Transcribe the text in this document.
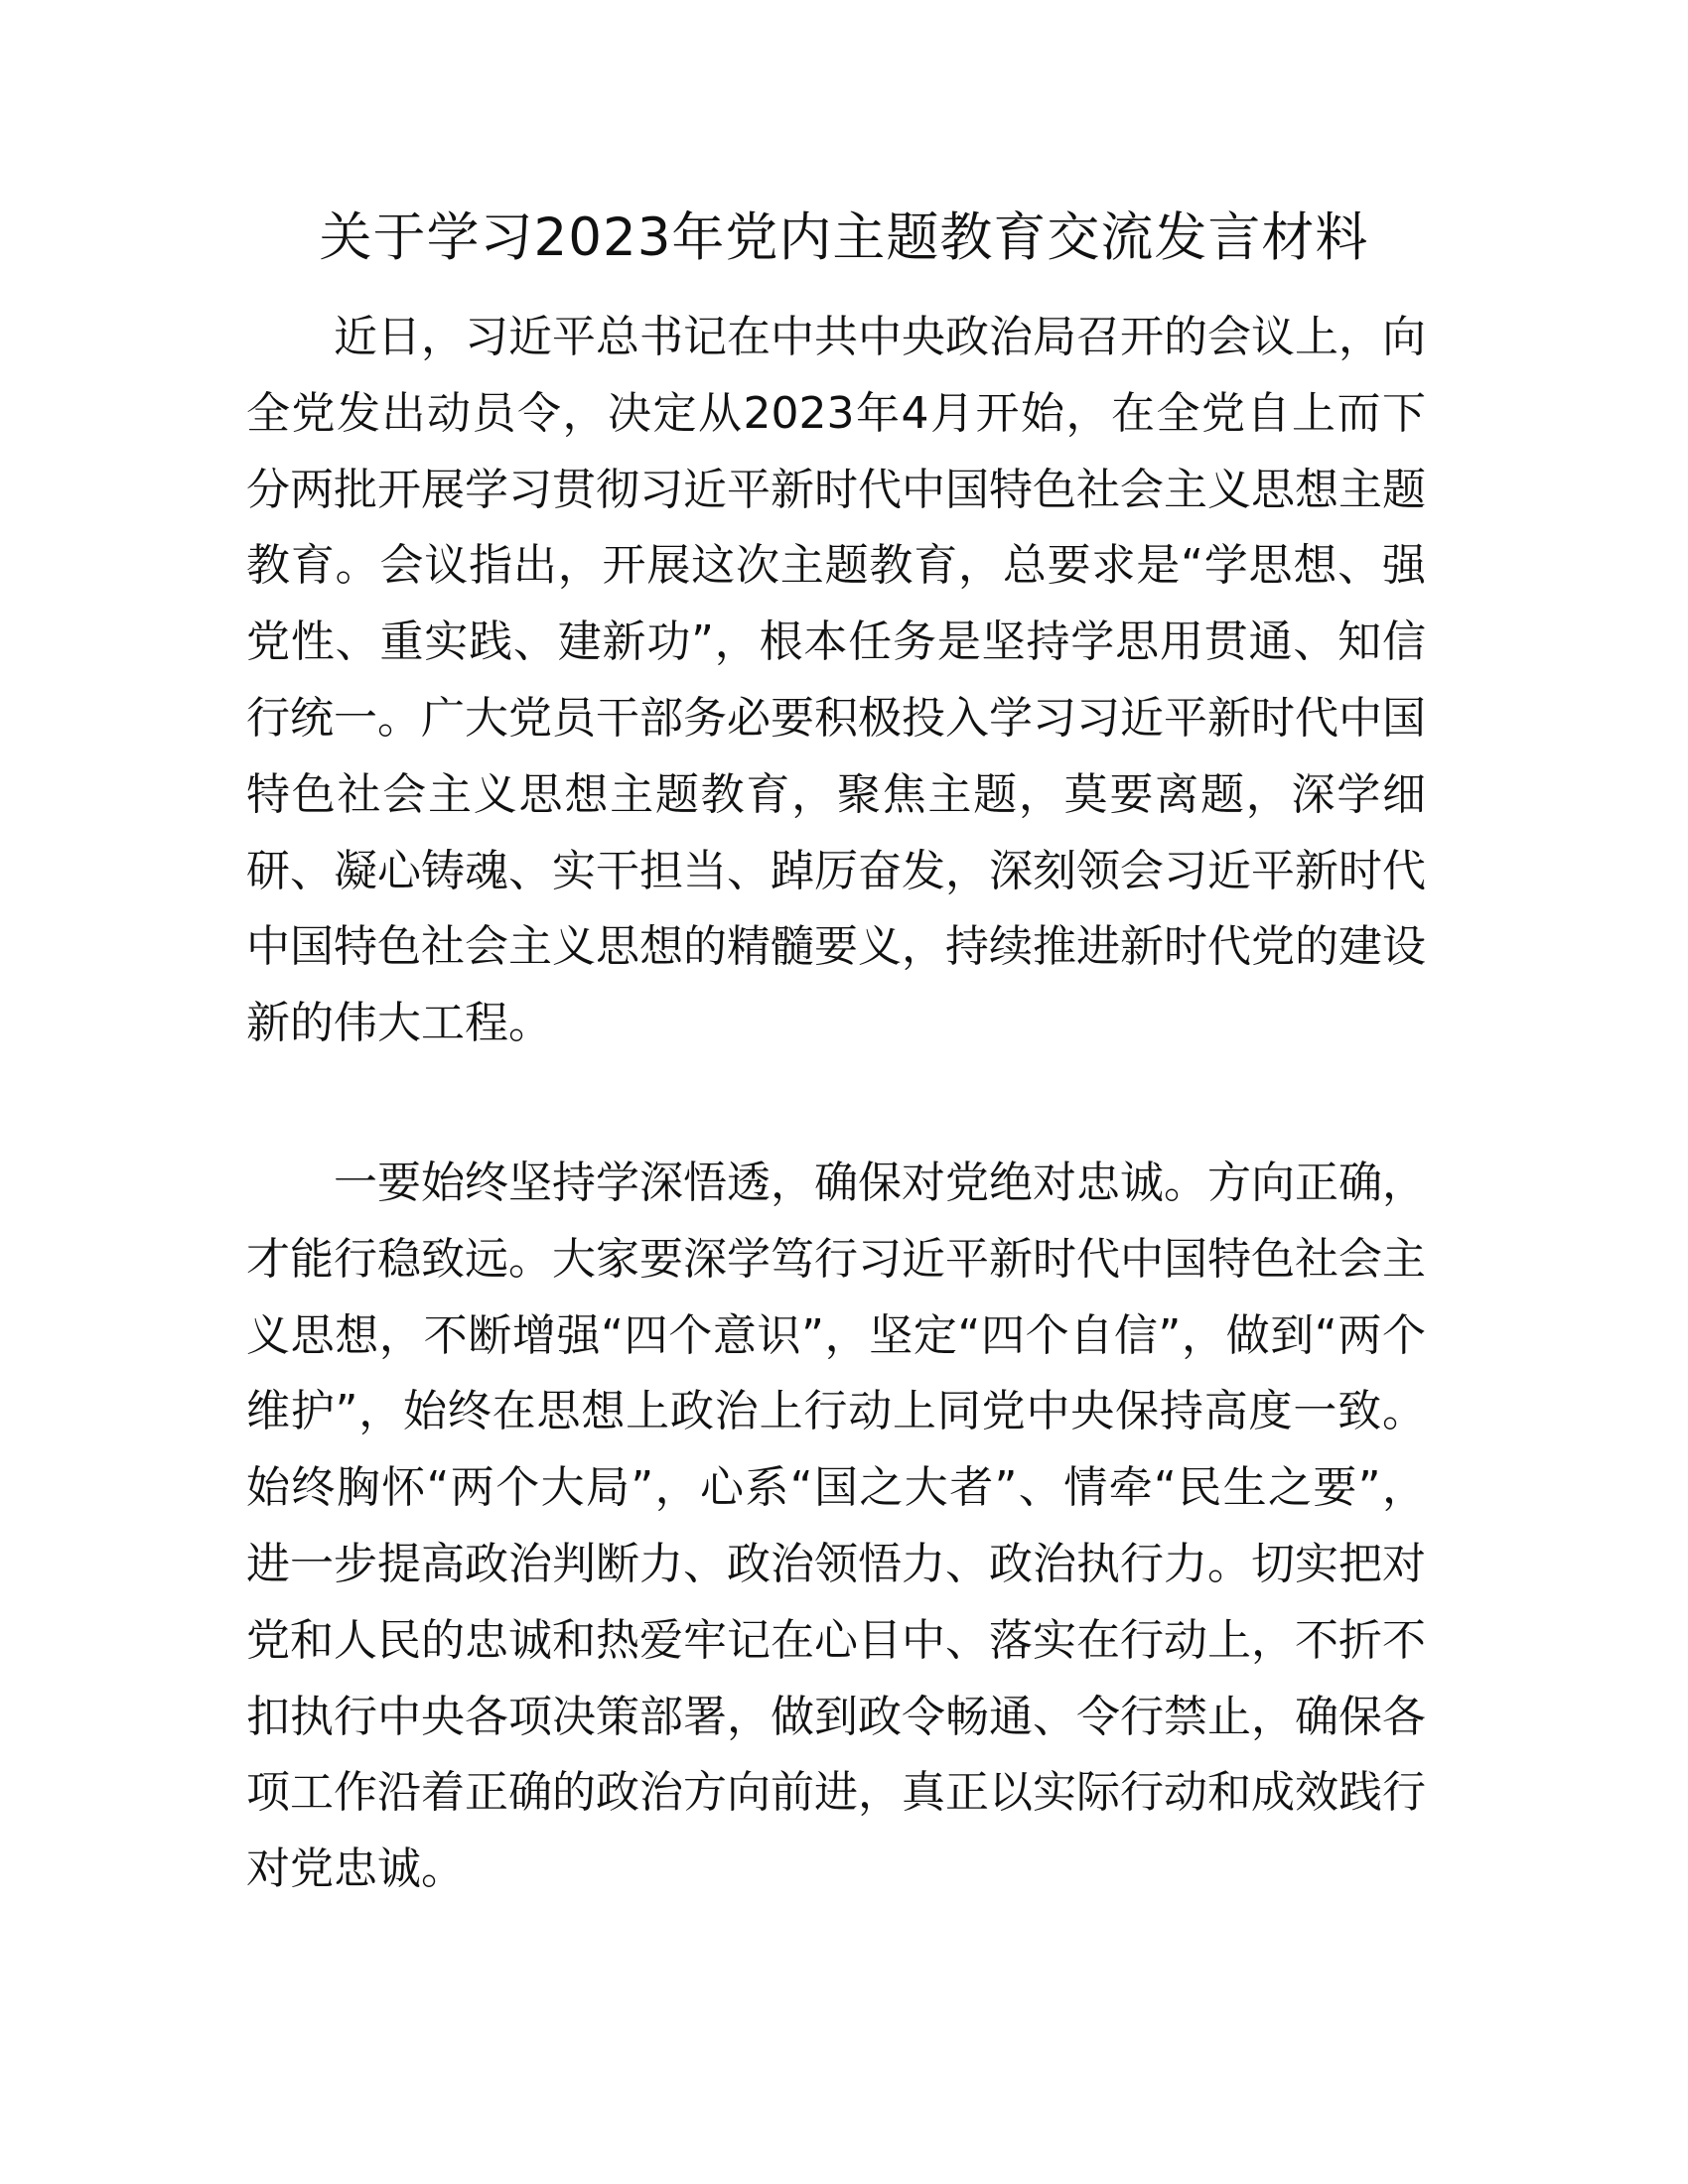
关于学习2023年党内主题教育交流发言材料
近日，习近平总书记在中共中央政治局召开的会议上，向
全党发出动员令，决定从2023年4月开始，在全党自上而下
分两批开展学习贯彻习近平新时代中国特色社会主义思想主题
教育。会议指出，开展这次主题教育，总要求是“学思想、强
党性、重实践、建新功”，根本任务是坚持学思用贯通、知信
行统一。广大党员干部务必要积极投入学习习近平新时代中国
特色社会主义思想主题教育，聚焦主题，莫要离题，深学细
研、凝心铸魂、实干担当、踔厉奋发，深刻领会习近平新时代
中国特色社会主义思想的精髓要义，持续推进新时代党的建设
新的伟大工程。
一要始终坚持学深悟透，确保对党绝对忠诚。方向正确，
才能行稳致远。大家要深学笃行习近平新时代中国特色社会主
义思想，不断增强“四个意识”，坚定“四个自信”，做到“两个
维护”，始终在思想上政治上行动上同党中央保持高度一致。
始终胸怀“两个大局”，心系“国之大者”、情牵“民生之要”，
进一步提高政治判断力、政治领悟力、政治执行力。切实把对
党和人民的忠诚和热爱牢记在心目中、落实在行动上，不折不
扣执行中央各项决策部署，做到政令畅通、令行禁止，确保各
项工作沿着正确的政治方向前进，真正以实际行动和成效践行
对党忠诚。
